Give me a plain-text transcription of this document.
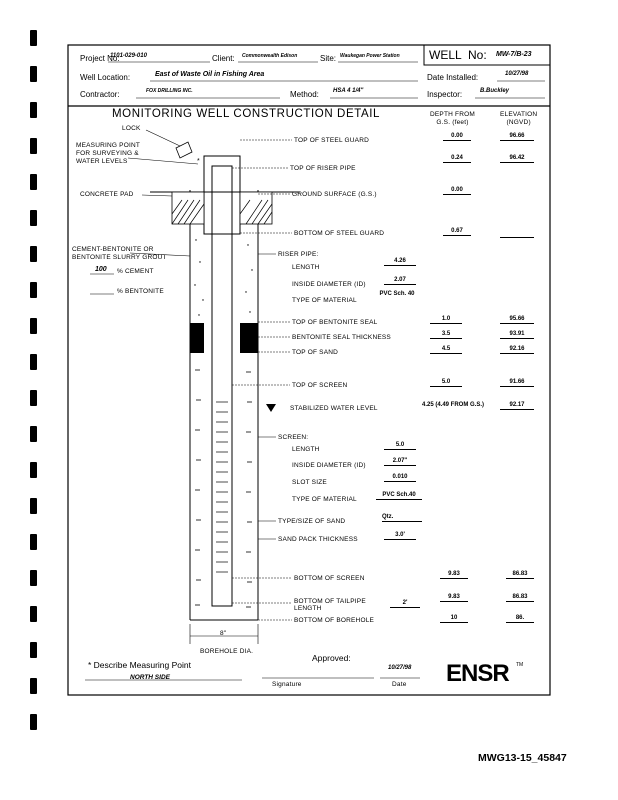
Project No:
1101-029-010	Client: Commonwealth Edison	Site: Waukegan Power Station WELL No: MW-7/B-23
Well Location:	East of Waste Oil in Fishing Area	Date Installed:	10/27/98
Contractor:	FOX DRILLING INC.	Method: HSA 4 1/4"	Inspector:	B.Buckley
MONITORING WELL CONSTRUCTION DETAIL	DEPTH FROM
G.S. (feet)
ELEVATION
(NGVD)
LOCK
MEASURING POINT
FOR SURVEYING &
WATER LEVELS	*
CONCRETE PAD
CEMENT-BENTONITE OR
BENTONITE SLURRY GROUT
100 % CEMENT
% BENTONITE
8"
BOREHOLE DIA.
TOP OF STEEL GUARD
0.00	96.66
TOP OF RISER PIPE
0.24	96.42
GROUND SURFACE (G.S.)
0.00
BOTTOM OF STEEL GUARD	0.67
RISER PIPE:
LENGTH
4.26
INSIDE DIAMETER (ID)
2.07
TYPE OF MATERIAL
PVC Sch. 40
TOP OF BENTONITE SEAL	1.0	95.66
BENTONITE SEAL THICKNESS	3.5	93.91
TOP OF SAND	4.5	92.16
TOP OF SCREEN	5.0	91.66
STABILIZED WATER LEVEL	4.25 (4.49 FROM G.S.)	92.17
SCREEN:
LENGTH
5.0
INSIDE DIAMETER (ID)
2.07"
SLOT SIZE
0.010
TYPE OF MATERIAL
PVC Sch.40
TYPE/SIZE OF SAND
Qtz.
SAND PACK THICKNESS
3.0'
BOTTOM OF SCREEN
9.83	86.83
BOTTOM OF TAILPIPE
LENGTH
2'
9.83	86.83
BOTTOM OF BOREHOLE	10	86.
* Describe Measuring Point
NORTH SIDE
Approved:
Signature
10/27/98
Date ENSR TM
MWG13-15_45847
